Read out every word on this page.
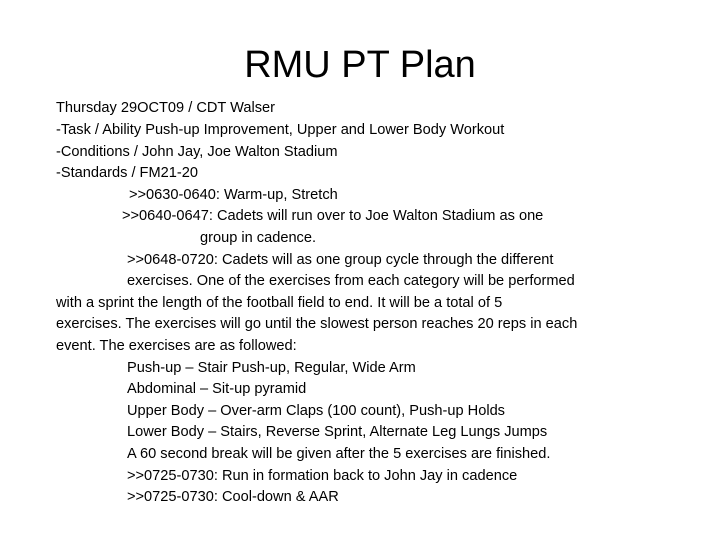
RMU PT Plan
Thursday 29OCT09 / CDT Walser
-Task / Ability Push-up Improvement, Upper and Lower Body Workout
-Conditions / John Jay, Joe Walton Stadium
-Standards / FM21-20
>>0630-0640: Warm-up, Stretch
>>0640-0647: Cadets will run over to Joe Walton Stadium as one
group in cadence.
>>0648-0720: Cadets will as one group cycle through the different
exercises. One of the exercises from each category will be performed
with a sprint the length of the football field to end. It will be a total of 5
exercises. The exercises will go until the slowest person reaches 20 reps in each
event. The exercises are as followed:
Push-up – Stair Push-up, Regular, Wide Arm
Abdominal – Sit-up pyramid
Upper Body – Over-arm Claps (100 count), Push-up Holds
Lower Body – Stairs, Reverse Sprint, Alternate Leg Lungs Jumps
A 60 second break will be given after the 5 exercises are finished.
>>0725-0730: Run in formation back to John Jay in cadence
>>0725-0730: Cool-down & AAR
